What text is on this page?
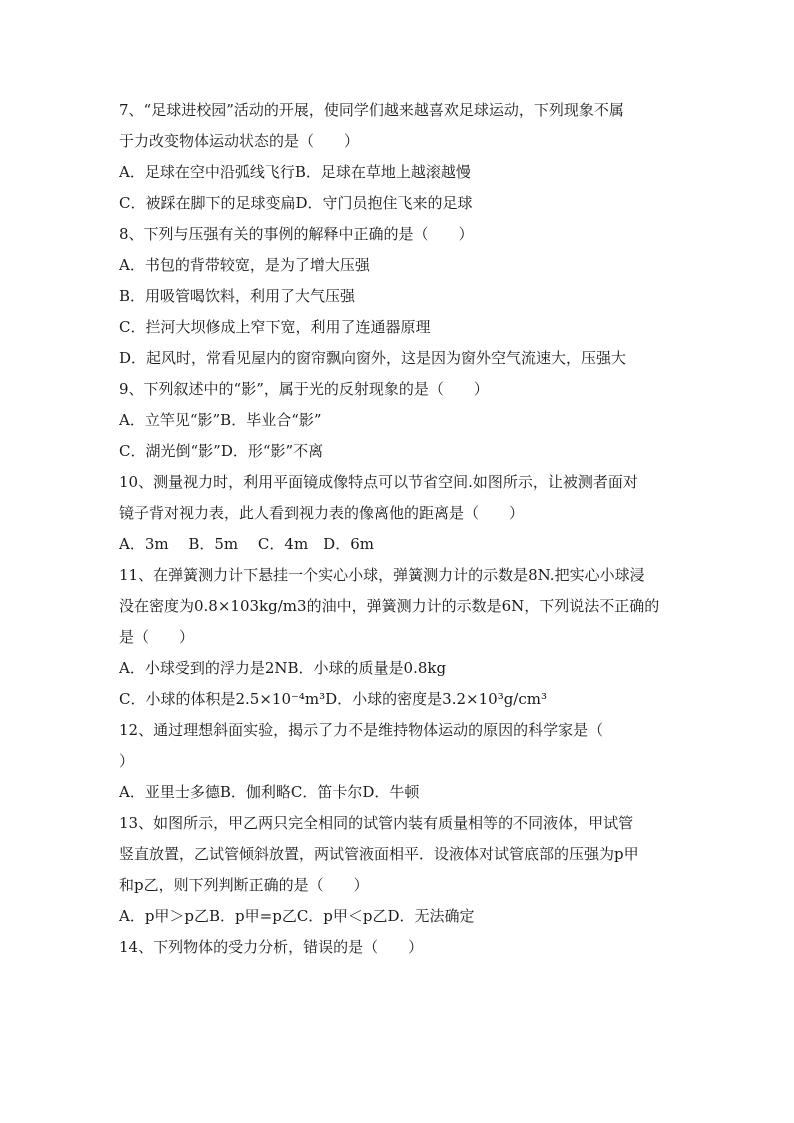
7、“足球进校园”活动的开展，使同学们越来越喜欢足球运动，下列现象不属
于力改变物体运动状态的是（　　）
A．足球在空中沿弧线飞行B．足球在草地上越滚越慢
C．被踩在脚下的足球变扁D．守门员抱住飞来的足球
8、下列与压强有关的事例的解释中正确的是（　　）
A．书包的背带较宽，是为了增大压强
B．用吸管喝饮料，利用了大气压强
C．拦河大坝修成上窄下宽，利用了连通器原理
D．起风时，常看见屋内的窗帘飘向窗外，这是因为窗外空气流速大，压强大
9、下列叙述中的“影”，属于光的反射现象的是（　　）
A．立竿见“影”B．毕业合“影”
C．湖光倒“影”D．形“影”不离
10、测量视力时，利用平面镜成像特点可以节省空间.如图所示，让被测者面对
镜子背对视力表，此人看到视力表的像离他的距离是（　　）
A．3m　 B．5m　 C．4m　D．6m
11、在弹簧测力计下悬挂一个实心小球，弹簧测力计的示数是8N.把实心小球浸
没在密度为0.8×103kg/m3的油中，弹簧测力计的示数是6N，下列说法不正确的
是（　　）
A．小球受到的浮力是2NB．小球的质量是0.8kg
C．小球的体积是2.5×10⁻⁴m³D．小球的密度是3.2×10³g/cm³
12、通过理想斜面实验，揭示了力不是维持物体运动的原因的科学家是（
）
A．亚里士多德B．伽利略C．笛卡尔D．牛顿
13、如图所示，甲乙两只完全相同的试管内装有质量相等的不同液体，甲试管
竖直放置，乙试管倾斜放置，两试管液面相平．设液体对试管底部的压强为p甲
和p乙，则下列判断正确的是（　　）
A．p甲＞p乙B．p甲=p乙C．p甲＜p乙D．无法确定
14、下列物体的受力分析，错误的是（　　）
